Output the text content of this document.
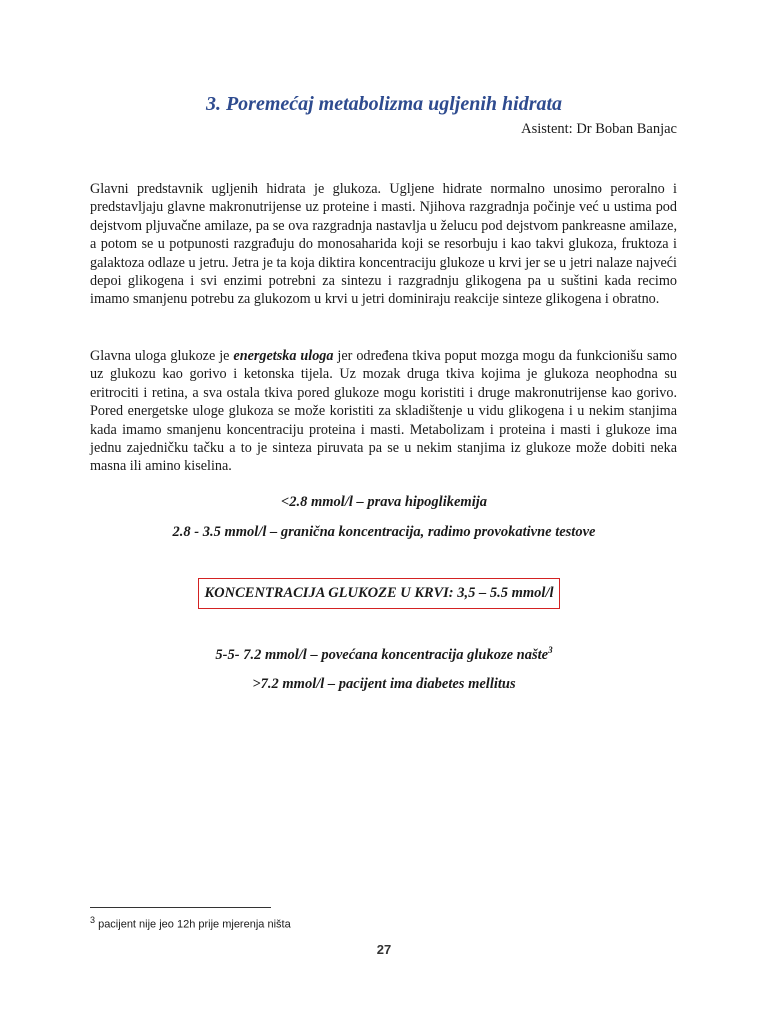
3. Poremećaj metabolizma ugljenih hidrata
Asistent: Dr Boban Banjac

Glavni predstavnik ugljenih hidrata je glukoza. Ugljene hidrate normalno unosimo peroralno i predstavljaju glavne makronutrijense uz proteine i masti. Njihova razgradnja počinje već u ustima pod dejstvom pljuvačne amilaze, pa se ova razgradnja nastavlja u želucu pod dejstvom pankreasne amilaze, a potom se u potpunosti razgrađuju do monosaharida koji se resorbuju i kao takvi glukoza, fruktoza i galaktoza odlaze u jetru. Jetra je ta koja diktira koncentraciju glukoze u krvi jer se u jetri nalaze najveći depoi glikogena i svi enzimi potrebni za sintezu i razgradnju glikogena pa u suštini kada recimo imamo smanjenu potrebu za glukozom u krvi u jetri dominiraju reakcije sinteze glikogena i obratno.

Glavna uloga glukoze je energetska uloga jer određena tkiva poput mozga mogu da funkcionišu samo uz glukozu kao gorivo i ketonska tijela. Uz mozak druga tkiva kojima je glukoza neophodna su eritrociti i retina, a sva ostala tkiva pored glukoze mogu koristiti i druge makronutrijense kao gorivo. Pored energetske uloge glukoza se može koristiti za skladištenje u vidu glikogena i u nekim stanjima kada imamo smanjenu koncentraciju proteina i masti. Metabolizam i proteina i masti i glukoze ima jednu zajedničku tačku a to je sinteza piruvata pa se u nekim stanjima iz glukoze može dobiti neka masna ili amino kiselina.

<2.8 mmol/l – prava hipoglikemija

2.8 - 3.5 mmol/l – granična koncentracija, radimo provokativne testove

KONCENTRACIJA GLUKOZE U KRVI: 3,5 – 5.5 mmol/l

5-5- 7.2 mmol/l – povećana koncentracija glukoze našte$^3$

>7.2 mmol/l – pacijent ima diabetes mellitus

$^3$ pacijent nije jeo 12h prije mjerenja ništa
27
